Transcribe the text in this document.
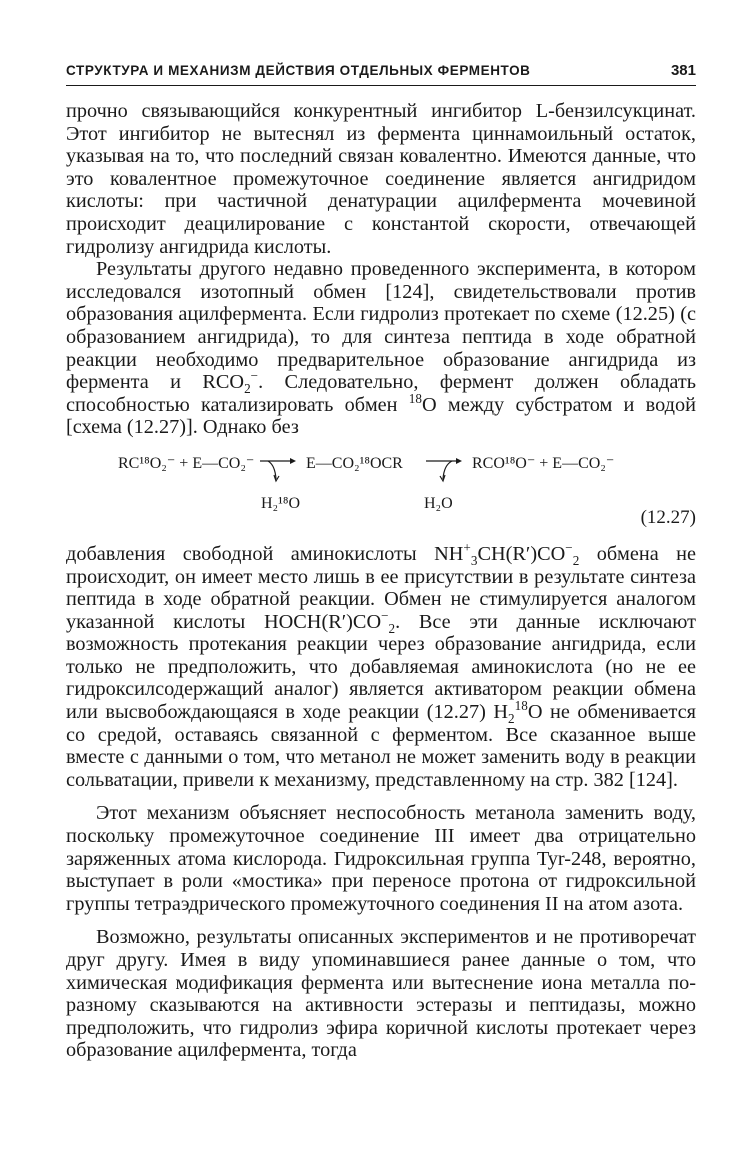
СТРУКТУРА И МЕХАНИЗМ ДЕЙСТВИЯ ОТДЕЛЬНЫХ ФЕРМЕНТОВ	381

прочно связывающийся конкурентный ингибитор L-бензилсукцинат. Этот ингибитор не вытеснял из фермента циннамоильный остаток, указывая на то, что последний связан ковалентно. Имеются данные, что это ковалентное промежуточное соединение является ангидридом кислоты: при частичной денатурации ацилфермента мочевиной происходит деацилирование с константой скорости, отвечающей гидролизу ангидрида кислоты.

Результаты другого недавно проведенного эксперимента, в котором исследовался изотопный обмен [124], свидетельствовали против образования ацилфермента. Если гидролиз протекает по схеме (12.25) (с образованием ангидрида), то для синтеза пептида в ходе обратной реакции необходимо предварительное образование ангидрида из фермента и $RCO_2^-$. Следовательно, фермент должен обладать способностью катализировать обмен $^{18}$O между субстратом и водой [схема (12.27)]. Однако без

RC¹⁸O₂⁻ + E—CO₂⁻	E—CO₂¹⁸OCR → RCO¹⁸O⁻ + E—CO₂⁻
H₂¹⁸O	H₂O
(12.27)

добавления свободной аминокислоты $NH^+_3CH(R')CO^-_2$ обмена не происходит, он имеет место лишь в ее присутствии в результате синтеза пептида в ходе обратной реакции. Обмен не стимулируется аналогом указанной кислоты $HOCH(R')CO^-_2$. Все эти данные исключают возможность протекания реакции через образование ангидрида, если только не предположить, что добавляемая аминокислота (но не ее гидроксилсодержащий аналог) является активатором реакции обмена или высвобождающаяся в ходе реакции (12.27) $H_2^{18}O$ не обменивается со средой, оставаясь связанной с ферментом. Все сказанное выше вместе с данными о том, что метанол не может заменить воду в реакции сольватации, привели к механизму, представленному на стр. 382 [124].

Этот механизм объясняет неспособность метанола заменить воду, поскольку промежуточное соединение III имеет два отрицательно заряженных атома кислорода. Гидроксильная группа Tyr-248, вероятно, выступает в роли «мостика» при переносе протона от гидроксильной группы тетраэдрического промежуточного соединения II на атом азота.

Возможно, результаты описанных экспериментов и не противоречат друг другу. Имея в виду упоминавшиеся ранее данные о том, что химическая модификация фермента или вытеснение иона металла по-разному сказываются на активности эстеразы и пептидазы, можно предположить, что гидролиз эфира коричной кислоты протекает через образование ацилфермента, тогда
